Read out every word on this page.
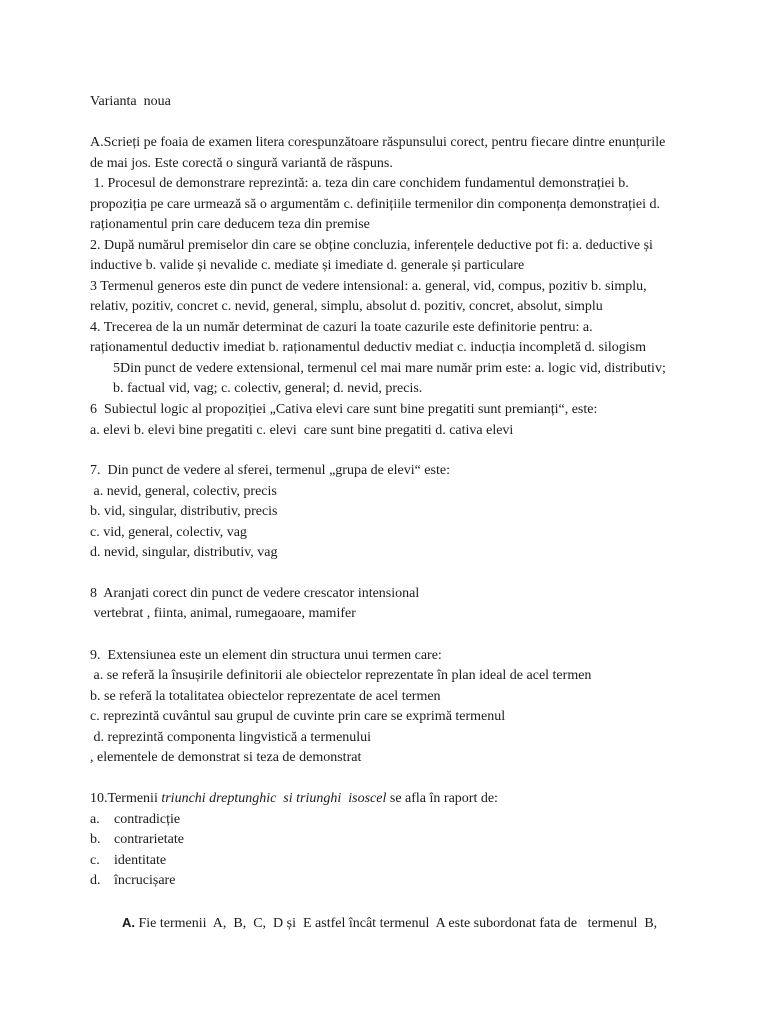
Varianta  noua
A.Scrieți pe foaia de examen litera corespunzătoare răspunsului corect, pentru fiecare dintre enunțurile
de mai jos. Este corectă o singură variantă de răspuns.
1. Procesul de demonstrare reprezintă: a. teza din care conchidem fundamentul demonstrației b.
propoziția pe care urmează să o argumentăm c. definițiile termenilor din componența demonstrației d.
raționamentul prin care deducem teza din premise
2. După numărul premiselor din care se obține concluzia, inferențele deductive pot fi: a. deductive și
inductive b. valide și nevalide c. mediate și imediate d. generale și particulare
3 Termenul generos este din punct de vedere intensional: a. general, vid, compus, pozitiv b. simplu,
relativ, pozitiv, concret c. nevid, general, simplu, absolut d. pozitiv, concret, absolut, simplu
4. Trecerea de la un număr determinat de cazuri la toate cazurile este definitorie pentru: a.
raționamentul deductiv imediat b. raționamentul deductiv mediat c. inducția incompletă d. silogism
5Din punct de vedere extensional, termenul cel mai mare număr prim este: a. logic vid, distributiv;
b. factual vid, vag; c. colectiv, general; d. nevid, precis.
6  Subiectul logic al propoziției „Cativa elevi care sunt bine pregatiti sunt premianți“, este:
a. elevi b. elevi bine pregatiti c. elevi  care sunt bine pregatiti d. cativa elevi
7.  Din punct de vedere al sferei, termenul „grupa de elevi“ este:
a. nevid, general, colectiv, precis
b. vid, singular, distributiv, precis
c. vid, general, colectiv, vag
d. nevid, singular, distributiv, vag
8  Aranjati corect din punct de vedere crescator intensional
vertebrat , fiinta, animal, rumegaoare, mamifer
9.  Extensiunea este un element din structura unui termen care:
a. se referă la însușirile definitorii ale obiectelor reprezentate în plan ideal de acel termen
b. se referă la totalitatea obiectelor reprezentate de acel termen
c. reprezintă cuvântul sau grupul de cuvinte prin care se exprimă termenul
d. reprezintă componenta lingvistică a termenului
, elementele de demonstrat si teza de demonstrat
10.Termenii triunchi dreptunghic  si triunghi  isoscel se afla în raport de:
a. contradicție
b. contrarietate
c. identitate
d. încrucișare
A. Fie termenii  A,  B,  C,  D și  E astfel încât termenul  A este subordonat fata de   termenul  B,
